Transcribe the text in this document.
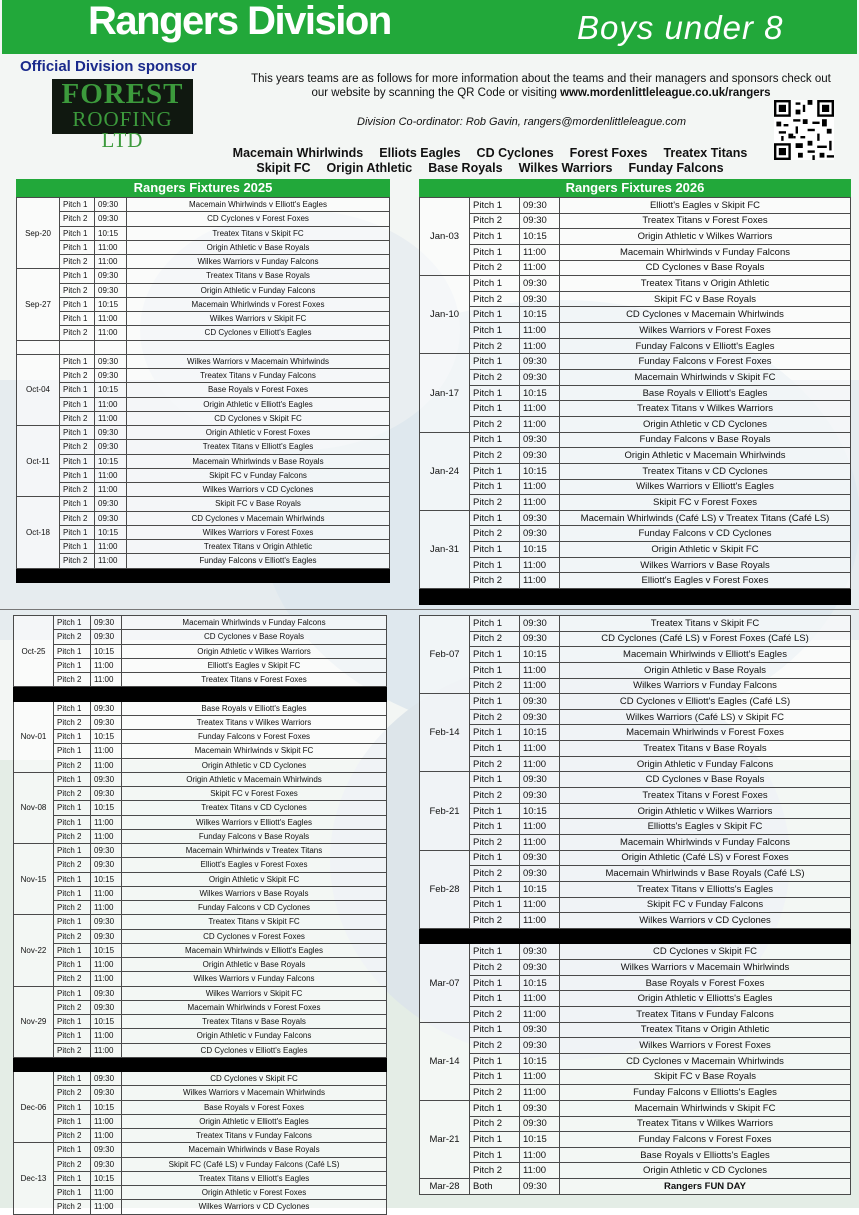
Rangers Division	Boys under 8
Official Division sponsor
FOREST
ROOFING LTD
This years teams are as follows for more information about the teams and their managers and sponsors check out
our website by scanning the QR Code or visiting www.mordenlittleleague.co.uk/rangers
Division Co-ordinator: Rob Gavin, rangers@mordenlittleleague.com
Macemain Whirlwinds Elliots Eagles CD Cyclones Forest Foxes Treatex Titans
Skipit FC Origin Athletic Base Royals Wilkes Warriors Funday Falcons
Rangers Fixtures 2025	Rangers Fixtures 2026
Sep-20	Pitch 1	09:30	Macemain Whirlwinds v Elliott's Eagles
	Pitch 2	09:30	CD Cyclones v Forest Foxes
	Pitch 1	10:15	Treatex Titans v Skipit FC
	Pitch 1	11:00	Origin Athletic v Base Royals
	Pitch 2	11:00	Wilkes Warriors v Funday Falcons
Sep-27	Pitch 1	09:30	Treatex Titans v Base Royals
	Pitch 2	09:30	Origin Athletic v Funday Falcons
	Pitch 1	10:15	Macemain Whirlwinds v Forest Foxes
	Pitch 1	11:00	Wilkes Warriors v Skipit FC
	Pitch 2	11:00	CD Cyclones v Elliott's Eagles

Oct-04	Pitch 1	09:30	Wilkes Warriors v Macemain Whirlwinds
	Pitch 2	09:30	Treatex Titans v Funday Falcons
	Pitch 1	10:15	Base Royals v Forest Foxes
	Pitch 1	11:00	Origin Athletic v Elliott's Eagles
	Pitch 2	11:00	CD Cyclones v Skipit FC
Oct-11	Pitch 1	09:30	Origin Athletic v Forest Foxes
	Pitch 2	09:30	Treatex Titans v Elliott's Eagles
	Pitch 1	10:15	Macemain Whirlwinds v Base Royals
	Pitch 1	11:00	Skipit FC v Funday Falcons
	Pitch 2	11:00	Wilkes Warriors v CD Cyclones
Oct-18	Pitch 1	09:30	Skipit FC v Base Royals
	Pitch 2	09:30	CD Cyclones v Macemain Whirlwinds
	Pitch 1	10:15	Wilkes Warriors v Forest Foxes
	Pitch 1	11:00	Treatex Titans v Origin Athletic
	Pitch 2	11:00	Funday Falcons v Elliott's Eagles

Jan-03	Pitch 1	09:30	Elliott's Eagles v Skipit FC
	Pitch 2	09:30	Treatex Titans v Forest Foxes
	Pitch 1	10:15	Origin Athletic v Wilkes Warriors
	Pitch 1	11:00	Macemain Whirlwinds v Funday Falcons
	Pitch 2	11:00	CD Cyclones v Base Royals
Jan-10	Pitch 1	09:30	Treatex Titans v Origin Athletic
	Pitch 2	09:30	Skipit FC v Base Royals
	Pitch 1	10:15	CD Cyclones v Macemain Whirlwinds
	Pitch 1	11:00	Wilkes Warriors v Forest Foxes
	Pitch 2	11:00	Funday Falcons v Elliott's Eagles
Jan-17	Pitch 1	09:30	Funday Falcons v Forest Foxes
	Pitch 2	09:30	Macemain Whirlwinds v Skipit FC
	Pitch 1	10:15	Base Royals v Elliott's Eagles
	Pitch 1	11:00	Treatex Titans v Wilkes Warriors
	Pitch 2	11:00	Origin Athletic v CD Cyclones
Jan-24	Pitch 1	09:30	Funday Falcons v Base Royals
	Pitch 2	09:30	Origin Athletic v Macemain Whirlwinds
	Pitch 1	10:15	Treatex Titans v CD Cyclones
	Pitch 1	11:00	Wilkes Warriors v Elliott's Eagles
	Pitch 2	11:00	Skipit FC v Forest Foxes
Jan-31	Pitch 1	09:30	Macemain Whirlwinds (Café LS) v Treatex Titans (Café LS)
	Pitch 2	09:30	Funday Falcons v CD Cyclones
	Pitch 1	10:15	Origin Athletic v Skipit FC
	Pitch 1	11:00	Wilkes Warriors v Base Royals
	Pitch 2	11:00	Elliott's Eagles v Forest Foxes

Oct-25	Pitch 1	09:30	Macemain Whirlwinds v Funday Falcons
	Pitch 2	09:30	CD Cyclones v Base Royals
	Pitch 1	10:15	Origin Athletic v Wilkes Warriors
	Pitch 1	11:00	Elliott's Eagles v Skipit FC
	Pitch 2	11:00	Treatex Titans v Forest Foxes

Nov-01	Pitch 1	09:30	Base Royals v Elliott's Eagles
	Pitch 2	09:30	Treatex Titans v Wilkes Warriors
	Pitch 1	10:15	Funday Falcons v Forest Foxes
	Pitch 1	11:00	Macemain Whirlwinds v Skipit FC
	Pitch 2	11:00	Origin Athletic v CD Cyclones
Nov-08	Pitch 1	09:30	Origin Athletic v Macemain Whirlwinds
	Pitch 2	09:30	Skipit FC v Forest Foxes
	Pitch 1	10:15	Treatex Titans v CD Cyclones
	Pitch 1	11:00	Wilkes Warriors v Elliott's Eagles
	Pitch 2	11:00	Funday Falcons v Base Royals
Nov-15	Pitch 1	09:30	Macemain Whirlwinds v Treatex Titans
	Pitch 2	09:30	Elliott's Eagles v Forest Foxes
	Pitch 1	10:15	Origin Athletic v Skipit FC
	Pitch 1	11:00	Wilkes Warriors v Base Royals
	Pitch 2	11:00	Funday Falcons v CD Cyclones
Nov-22	Pitch 1	09:30	Treatex Titans v Skipit FC
	Pitch 2	09:30	CD Cyclones v Forest Foxes
	Pitch 1	10:15	Macemain Whirlwinds v Elliott's Eagles
	Pitch 1	11:00	Origin Athletic v Base Royals
	Pitch 2	11:00	Wilkes Warriors v Funday Falcons
Nov-29	Pitch 1	09:30	Wilkes Warriors v Skipit FC
	Pitch 2	09:30	Macemain Whirlwinds v Forest Foxes
	Pitch 1	10:15	Treatex Titans v Base Royals
	Pitch 1	11:00	Origin Athletic v Funday Falcons
	Pitch 2	11:00	CD Cyclones v Elliott's Eagles

Dec-06	Pitch 1	09:30	CD Cyclones v Skipit FC
	Pitch 2	09:30	Wilkes Warriors v Macemain Whirlwinds
	Pitch 1	10:15	Base Royals v Forest Foxes
	Pitch 1	11:00	Origin Athletic v Elliott's Eagles
	Pitch 2	11:00	Treatex Titans v Funday Falcons
Dec-13	Pitch 1	09:30	Macemain Whirlwinds v Base Royals
	Pitch 2	09:30	Skipit FC (Café LS) v Funday Falcons (Café LS)
	Pitch 1	10:15	Treatex Titans v Elliott's Eagles
	Pitch 1	11:00	Origin Athletic v Forest Foxes
	Pitch 2	11:00	Wilkes Warriors v CD Cyclones
Feb-07	Pitch 1	09:30	Treatex Titans v Skipit FC
	Pitch 2	09:30	CD Cyclones (Café LS) v Forest Foxes (Café LS)
	Pitch 1	10:15	Macemain Whirlwinds v Elliott's Eagles
	Pitch 1	11:00	Origin Athletic v Base Royals
	Pitch 2	11:00	Wilkes Warriors v Funday Falcons
Feb-14	Pitch 1	09:30	CD Cyclones v Elliott's Eagles (Café LS)
	Pitch 2	09:30	Wilkes Warriors (Café LS) v Skipit FC
	Pitch 1	10:15	Macemain Whirlwinds v Forest Foxes
	Pitch 1	11:00	Treatex Titans v Base Royals
	Pitch 2	11:00	Origin Athletic v Funday Falcons
Feb-21	Pitch 1	09:30	CD Cyclones v Base Royals
	Pitch 2	09:30	Treatex Titans v Forest Foxes
	Pitch 1	10:15	Origin Athletic v Wilkes Warriors
	Pitch 1	11:00	Elliotts's Eagles v Skipit FC
	Pitch 2	11:00	Macemain Whirlwinds v Funday Falcons
Feb-28	Pitch 1	09:30	Origin Athletic (Café LS) v Forest Foxes
	Pitch 2	09:30	Macemain Whirlwinds v Base Royals (Café LS)
	Pitch 1	10:15	Treatex Titans v Elliotts's Eagles
	Pitch 1	11:00	Skipit FC v Funday Falcons
	Pitch 2	11:00	Wilkes Warriors v CD Cyclones

Mar-07	Pitch 1	09:30	CD Cyclones v Skipit FC
	Pitch 2	09:30	Wilkes Warriors v Macemain Whirlwinds
	Pitch 1	10:15	Base Royals v Forest Foxes
	Pitch 1	11:00	Origin Athletic v Elliotts's Eagles
	Pitch 2	11:00	Treatex Titans v Funday Falcons
Mar-14	Pitch 1	09:30	Treatex Titans v Origin Athletic
	Pitch 2	09:30	Wilkes Warriors v Forest Foxes
	Pitch 1	10:15	CD Cyclones v Macemain Whirlwinds
	Pitch 1	11:00	Skipit FC v Base Royals
	Pitch 2	11:00	Funday Falcons v Elliotts's Eagles
Mar-21	Pitch 1	09:30	Macemain Whirlwinds v Skipit FC
	Pitch 2	09:30	Treatex Titans v Wilkes Warriors
	Pitch 1	10:15	Funday Falcons v Forest Foxes
	Pitch 1	11:00	Base Royals v Elliotts's Eagles
	Pitch 2	11:00	Origin Athletic v CD Cyclones
Mar-28	Both	09:30	Rangers FUN DAY
